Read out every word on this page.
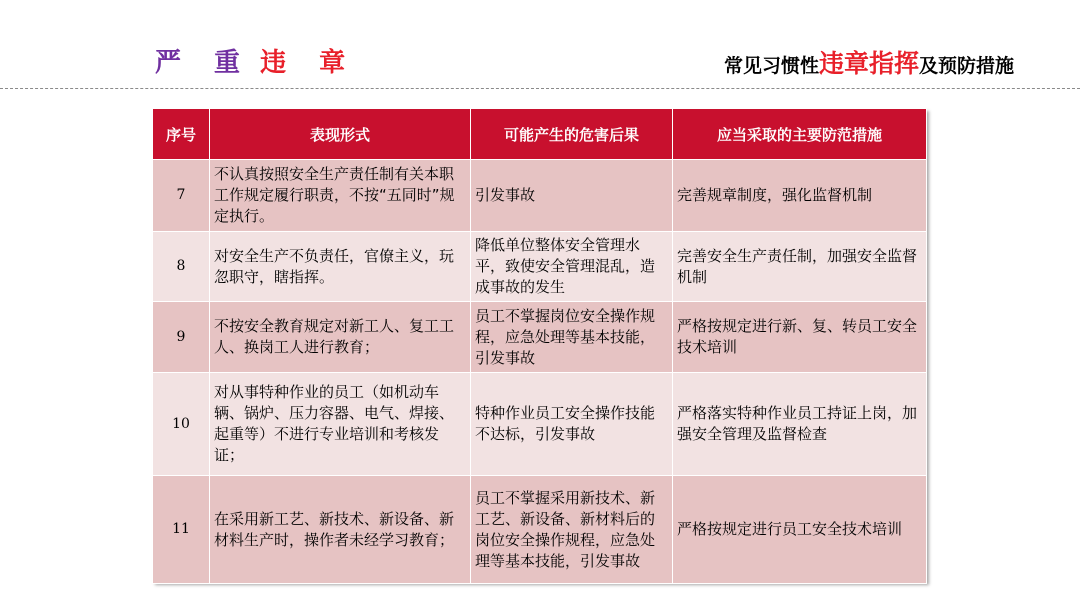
严 重 违 章	常见习惯性违章指挥及预防措施
序号	表现形式	可能产生的危害后果	应当采取的主要防范措施
7	不认真按照安全生产责任制有关本职工作规定履行职责，不按“五同时”规定执行。	引发事故	完善规章制度，强化监督机制
8	对安全生产不负责任，官僚主义，玩忽职守，瞎指挥。	降低单位整体安全管理水平，致使安全管理混乱，造成事故的发生	完善安全生产责任制，加强安全监督机制
9	不按安全教育规定对新工人、复工工人、换岗工人进行教育；	员工不掌握岗位安全操作规程，应急处理等基本技能，引发事故	严格按规定进行新、复、转员工安全技术培训
10	对从事特种作业的员工（如机动车辆、锅炉、压力容器、电气、焊接、起重等）不进行专业培训和考核发证；	特种作业员工安全操作技能不达标，引发事故	严格落实特种作业员工持证上岗，加强安全管理及监督检查
11	在采用新工艺、新技术、新设备、新材料生产时，操作者未经学习教育；	员工不掌握采用新技术、新工艺、新设备、新材料后的岗位安全操作规程，应急处理等基本技能，引发事故	严格按规定进行员工安全技术培训
